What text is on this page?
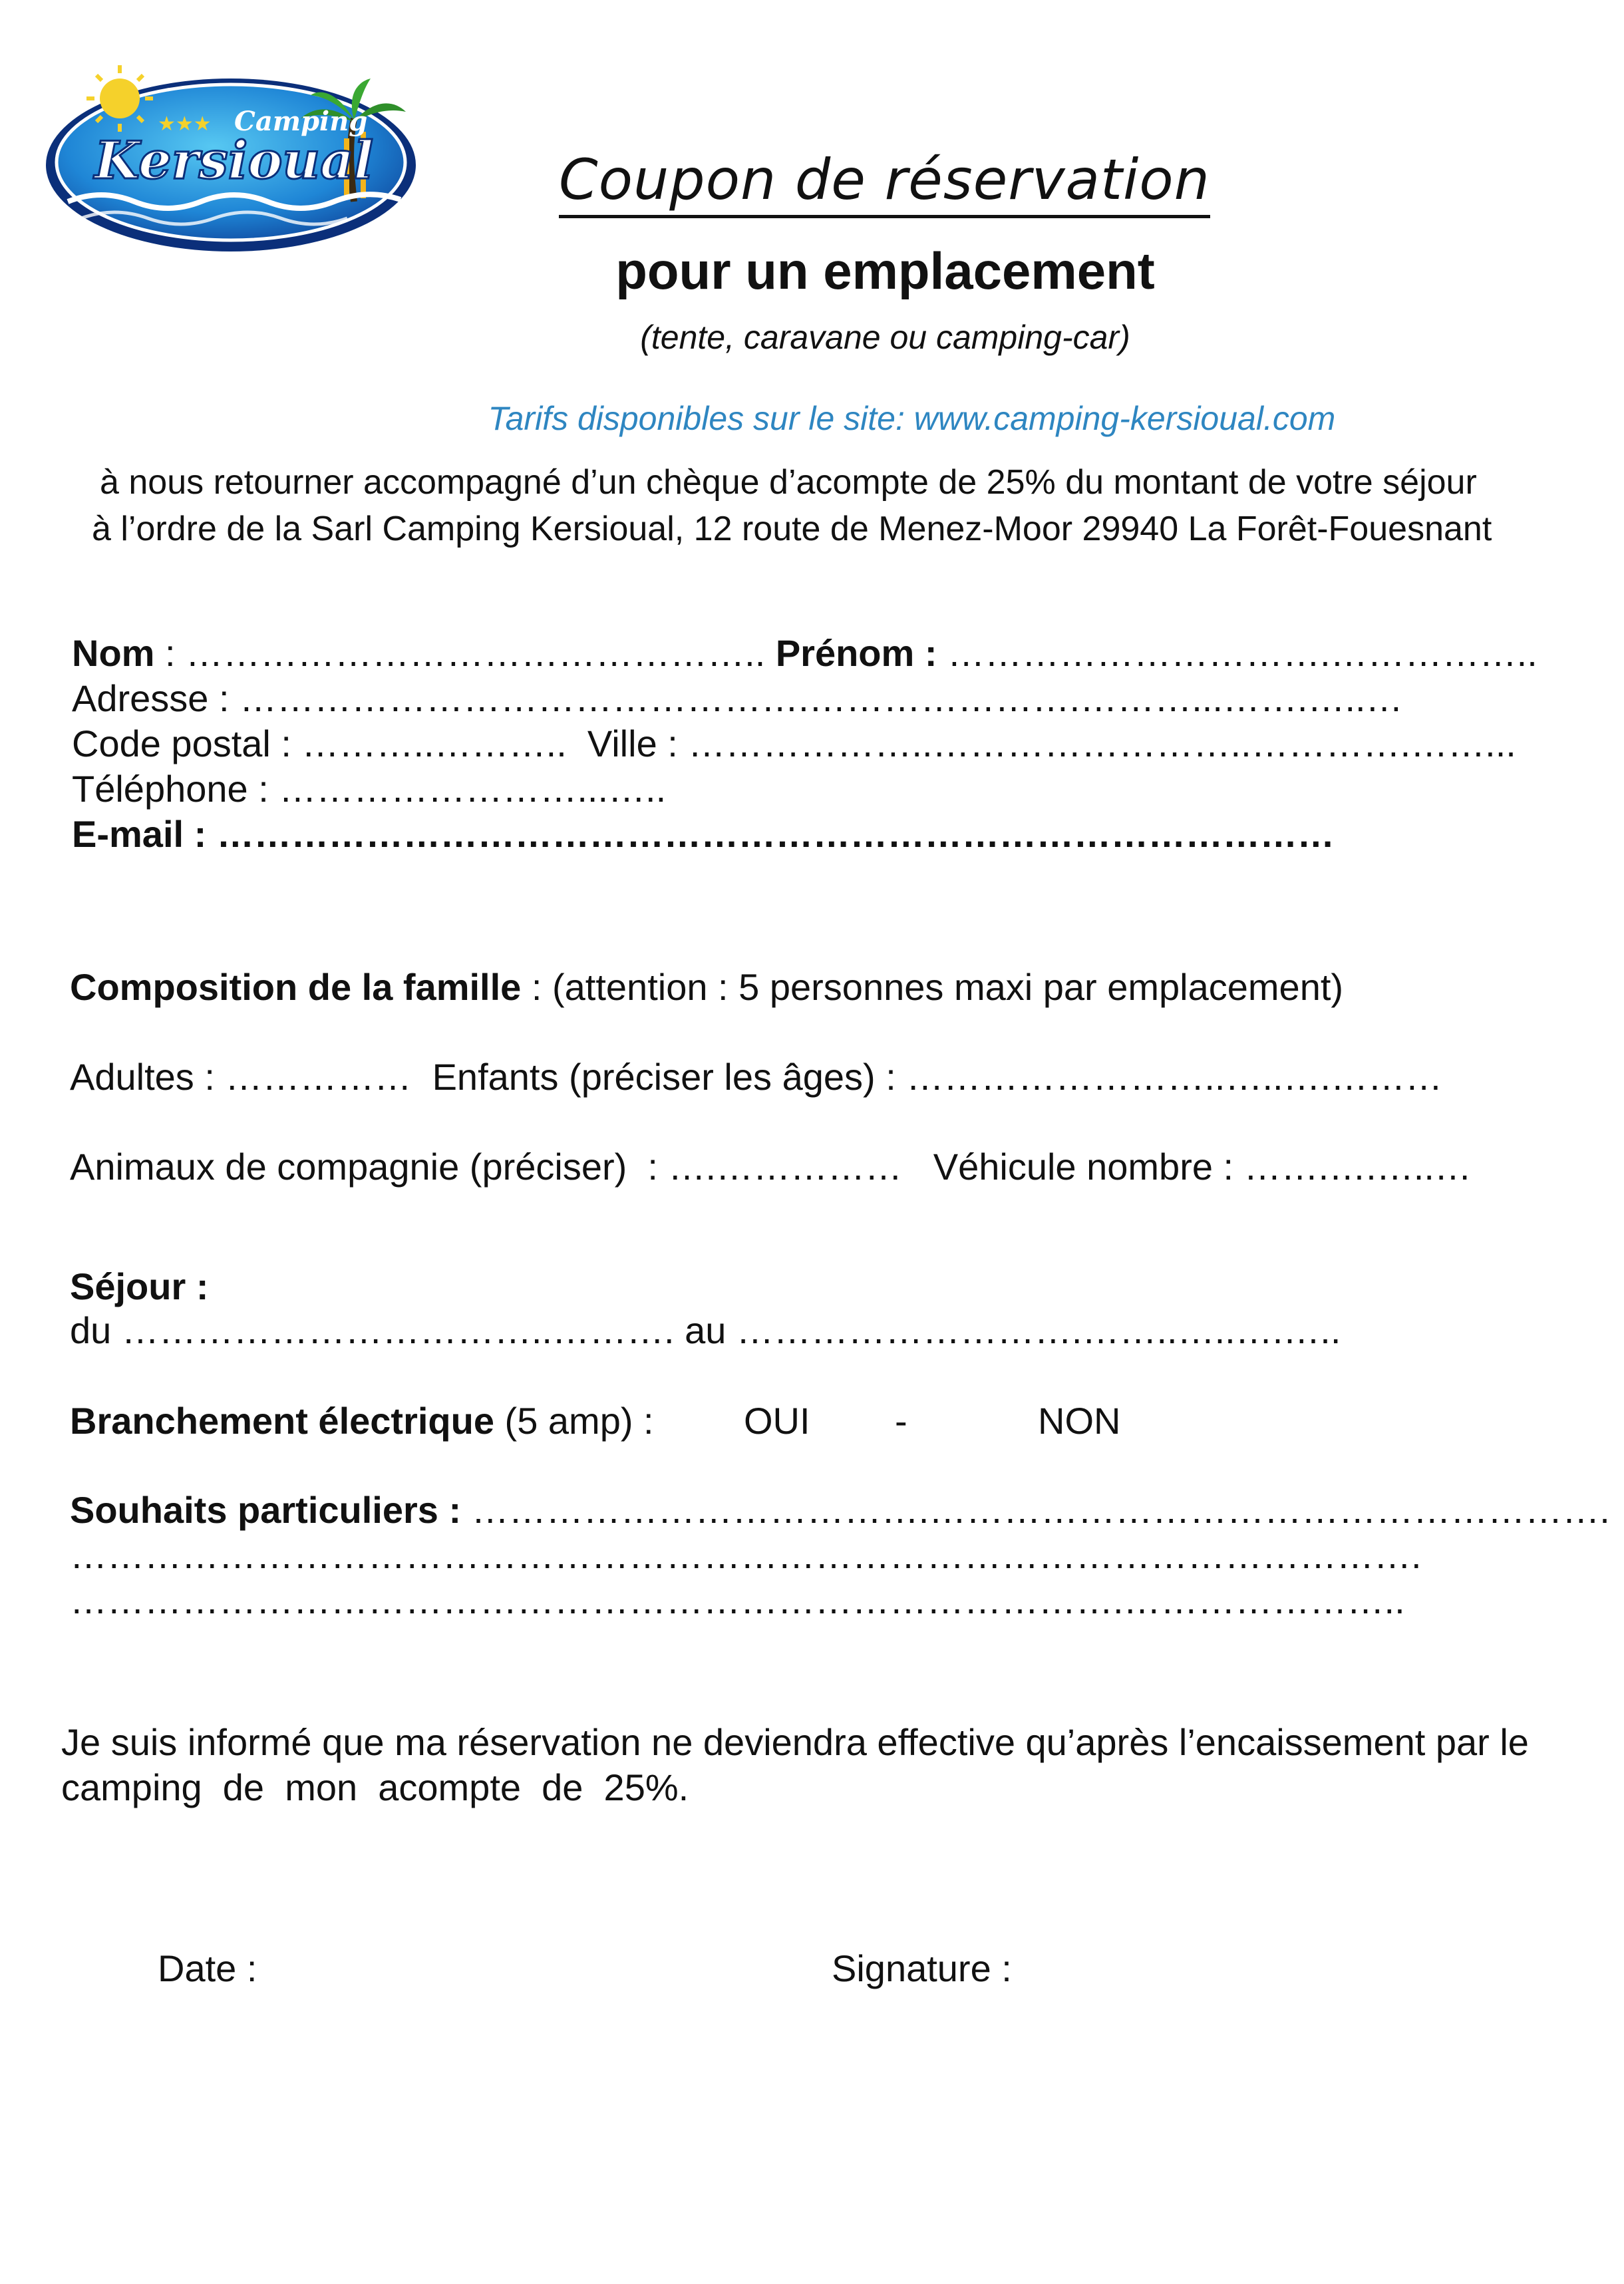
★★★ Camping
Kersioual	Coupon de réservation
pour un emplacement
(tente, caravane ou camping-car)
Tarifs disponibles sur le site: www.camping-kersioual.com
à nous retourner accompagné d’un chèque d’acompte de 25% du montant de votre séjour
à l’ordre de la Sarl Camping Kersioual, 12 route de Menez-Moor 29940 La Forêt-Fouesnant
Nom : ……………………………………….. Prénom : ………………………….……………..
Adresse : ……………………………………….………………….………...…….…..…
Code postal : ………..………..  Ville : ………………..……………………..………….……...
Téléphone : ……………………...…..
E-mail : ………………………………………………………………………………
Composition de la famille : (attention : 5 personnes maxi par emplacement)
Adultes : ……………  Enfants (préciser les âges) : ……………………..…..….………
Animaux de compagnie (préciser)  : ….……………   Véhicule nombre : …….….…..…
Séjour :
du ……………………………..………. au ……………………….……..…..….…..
Branchement électrique (5 amp) : OUI -	NON
Souhaits particuliers : ……………………………….……………………………………………….
……………………………………………………………………………………………….
………………………………………………………………………….…………………..
Je suis informé que ma réservation ne deviendra effective qu’après l’encaissement par le
camping  de  mon  acompte  de  25%.
Date :	Signature :
